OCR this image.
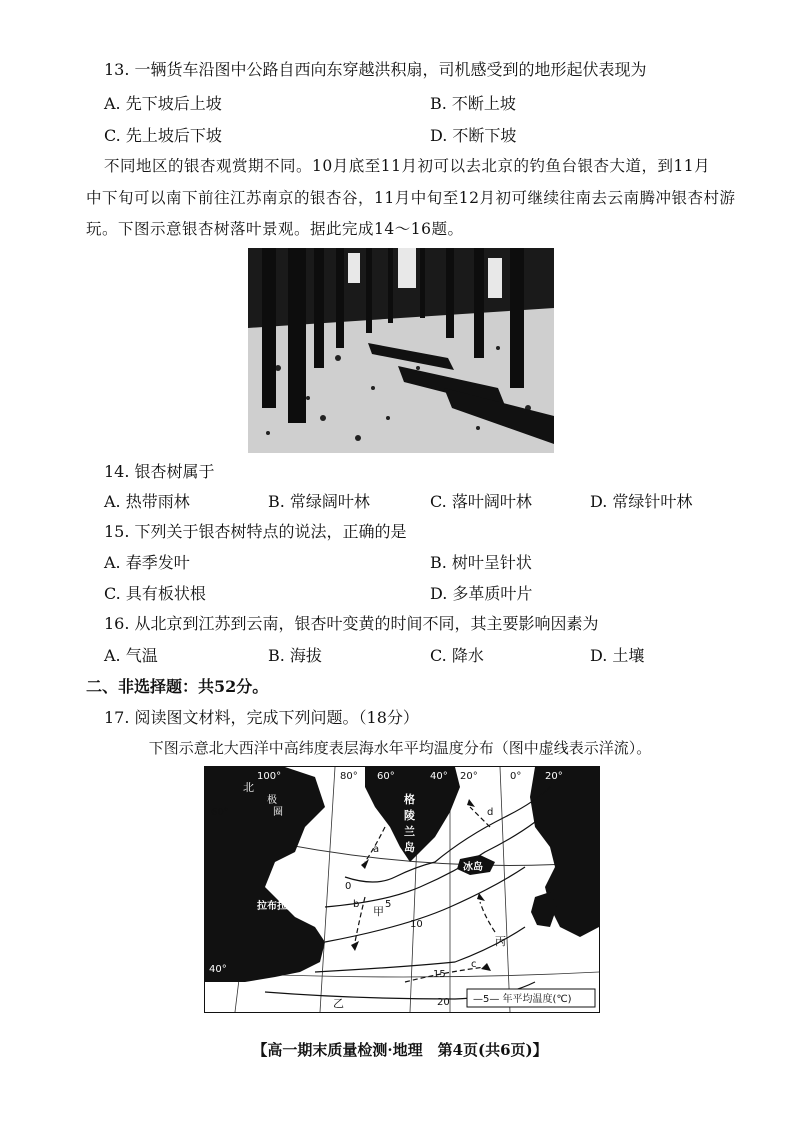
13. 一辆货车沿图中公路自西向东穿越洪积扇，司机感受到的地形起伏表现为
A. 先下坡后上坡	B. 不断上坡
C. 先上坡后下坡	D. 不断下坡
不同地区的银杏观赏期不同。10月底至11月初可以去北京的钓鱼台银杏大道，到11月
中下旬可以南下前往江苏南京的银杏谷，11月中旬至12月初可继续往南去云南腾冲银杏村游
玩。下图示意银杏树落叶景观。据此完成14～16题。
14. 银杏树属于
A. 热带雨林	B. 常绿阔叶林	C. 落叶阔叶林	D. 常绿针叶林
15. 下列关于银杏树特点的说法，正确的是
A. 春季发叶	B. 树叶呈针状
C. 具有板状根	D. 多革质叶片
16. 从北京到江苏到云南，银杏叶变黄的时间不同，其主要影响因素为
A. 气温	B. 海拔	C. 降水	D. 土壤
二、非选择题：共52分。
17. 阅读图文材料，完成下列问题。（18分）
下图示意北大西洋中高纬度表层海水年平均温度分布（图中虚线表示洋流）。
100°	80° 60°	40° 20°	0° 20°
60°
40°
北
极
圈
格
陵
兰
岛
冰岛
拉布拉多半岛	甲
乙
丙
a
b
c
d
0
5
10
15
20 —5— 年平均温度(℃)
【高一期末质量检测·地理　第4页(共6页)】
